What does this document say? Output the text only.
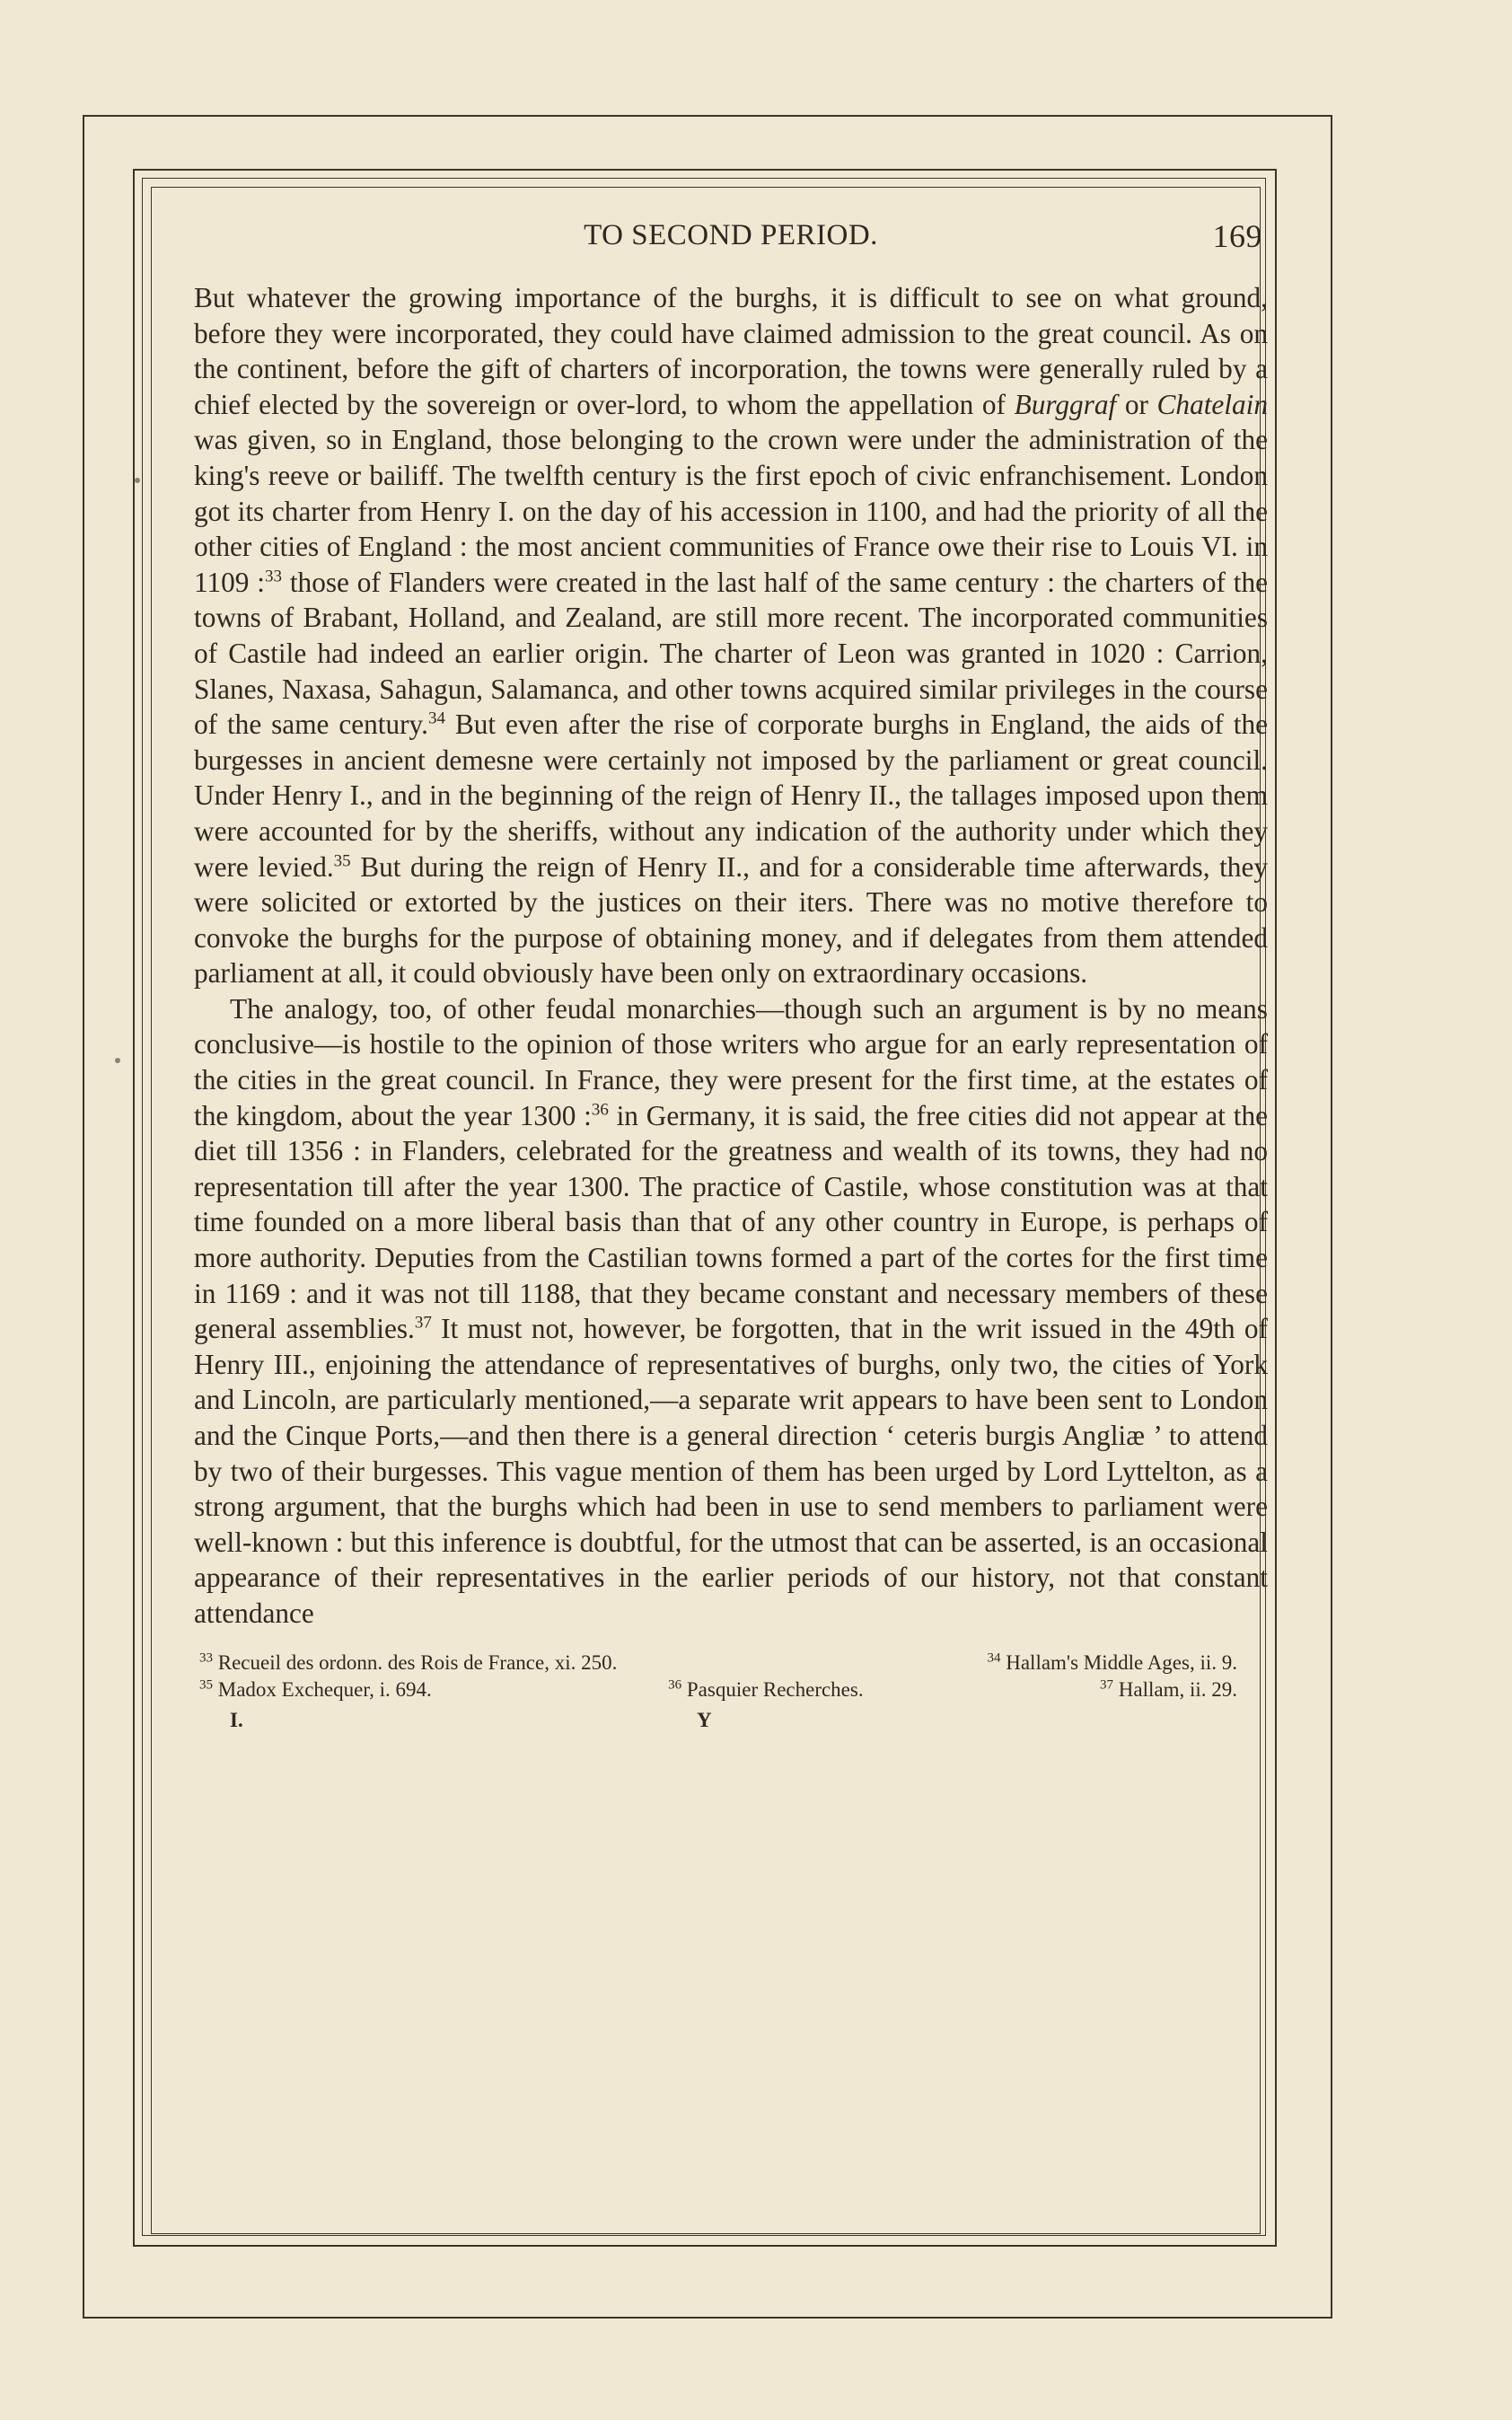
TO SECOND PERIOD.	169

But whatever the growing importance of the burghs, it is difficult to see on what ground, before they were incorporated, they could have claimed admission to the great council. As on the continent, before the gift of charters of incorporation, the towns were generally ruled by a chief elected by the sovereign or over-lord, to whom the appellation of Burggraf or Chatelain was given, so in England, those belonging to the crown were under the administration of the king's reeve or bailiff. The twelfth century is the first epoch of civic enfranchisement. London got its charter from Henry I. on the day of his accession in 1100, and had the priority of all the other cities of England : the most ancient communities of France owe their rise to Louis VI. in 1109 :$^{33}$ those of Flanders were created in the last half of the same century : the charters of the towns of Brabant, Holland, and Zealand, are still more recent. The incorporated communities of Castile had indeed an earlier origin. The charter of Leon was granted in 1020 : Carrion, Slanes, Naxasa, Sahagun, Salamanca, and other towns acquired similar privileges in the course of the same century.$^{34}$ But even after the rise of corporate burghs in England, the aids of the burgesses in ancient demesne were certainly not imposed by the parliament or great council. Under Henry I., and in the beginning of the reign of Henry II., the tallages imposed upon them were accounted for by the sheriffs, without any indication of the authority under which they were levied.$^{35}$ But during the reign of Henry II., and for a considerable time afterwards, they were solicited or extorted by the justices on their iters. There was no motive therefore to convoke the burghs for the purpose of obtaining money, and if delegates from them attended parliament at all, it could obviously have been only on extraordinary occasions.

The analogy, too, of other feudal monarchies—though such an argument is by no means conclusive—is hostile to the opinion of those writers who argue for an early representation of the cities in the great council. In France, they were present for the first time, at the estates of the kingdom, about the year 1300 :$^{36}$ in Germany, it is said, the free cities did not appear at the diet till 1356 : in Flanders, celebrated for the greatness and wealth of its towns, they had no representation till after the year 1300. The practice of Castile, whose constitution was at that time founded on a more liberal basis than that of any other country in Europe, is perhaps of more authority. Deputies from the Castilian towns formed a part of the cortes for the first time in 1169 : and it was not till 1188, that they became constant and necessary members of these general assemblies.$^{37}$ It must not, however, be forgotten, that in the writ issued in the 49th of Henry III., enjoining the attendance of representatives of burghs, only two, the cities of York and Lincoln, are particularly mentioned,—a separate writ appears to have been sent to London and the Cinque Ports,—and then there is a general direction ‘ ceteris burgis Angliæ ’ to attend by two of their burgesses. This vague mention of them has been urged by Lord Lyttelton, as a strong argument, that the burghs which had been in use to send members to parliament were well-known : but this inference is doubtful, for the utmost that can be asserted, is an occasional appearance of their representatives in the earlier periods of our history, not that constant attendance

$^{33}$ Recueil des ordonn. des Rois de France, xi. 250.	$^{34}$ Hallam's Middle Ages, ii. 9.
$^{35}$ Madox Exchequer, i. 694.	$^{36}$ Pasquier Recherches.	$^{37}$ Hallam, ii. 29.
I.	Y
